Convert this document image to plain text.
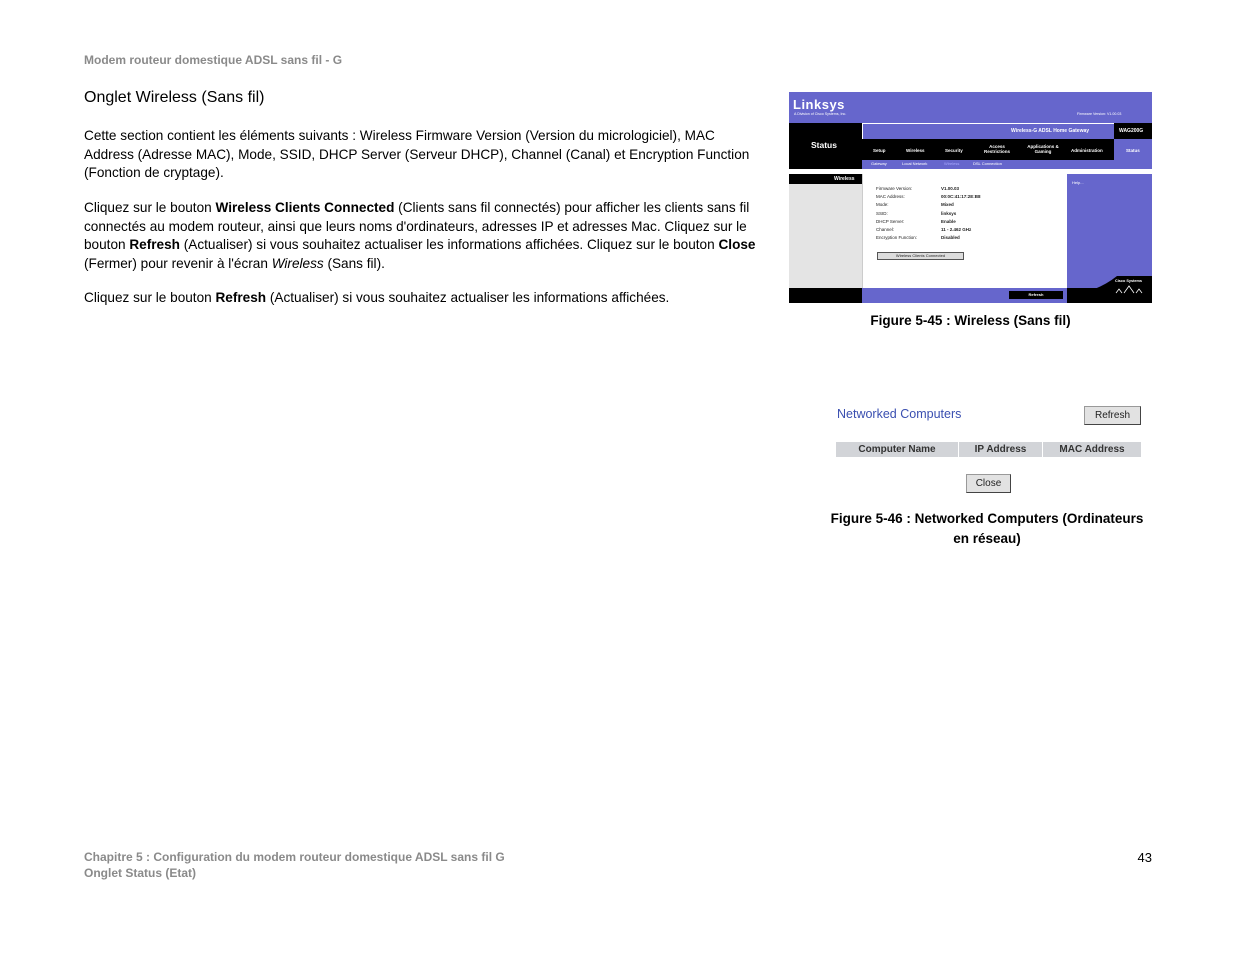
Modem routeur domestique ADSL sans fil - G
Onglet Wireless (Sans fil)
Cette section contient les éléments suivants : Wireless Firmware Version (Version du micrologiciel), MAC Address (Adresse MAC), Mode, SSID, DHCP Server (Serveur DHCP), Channel (Canal) et Encryption Function (Fonction de cryptage).
Cliquez sur le bouton Wireless Clients Connected (Clients sans fil connectés) pour afficher les clients sans fil connectés au modem routeur, ainsi que leurs noms d'ordinateurs, adresses IP et adresses Mac. Cliquez sur le bouton Refresh (Actualiser) si vous souhaitez actualiser les informations affichées. Cliquez sur le bouton Close (Fermer) pour revenir à l'écran Wireless (Sans fil).
Cliquez sur le bouton Refresh (Actualiser) si vous souhaitez actualiser les informations affichées.
Linksys
A Division of Cisco Systems, Inc.	Firmware Version: V1.00.03
Status
Wireless-G ADSL Home Gateway	WAG200G
Setup	Wireless	Security
Access Restrictions
Applications & Gaming	Administration	Status
Gateway	Local Network	Wireless	DSL Connection
Wireless
Wireless Clients Connected
Help...
Refresh
Cisco Systems
Firmware Version:	V1.00.03
MAC Address:	00:0C:41:17:2E:B8
Mode:	Mixed
SSID:	linksys
DHCP Server:	Enable
Channel:	11 - 2.462 GHz
Encryption Function:	Disabled
Figure 5-45 : Wireless (Sans fil)
Networked Computers	Refresh
Computer Name	IP Address	MAC Address
Close
Figure 5-46 : Networked Computers (Ordinateurs
en réseau)
Chapitre 5 : Configuration du modem routeur domestique ADSL sans fil G
Onglet Status (Etat)
43
